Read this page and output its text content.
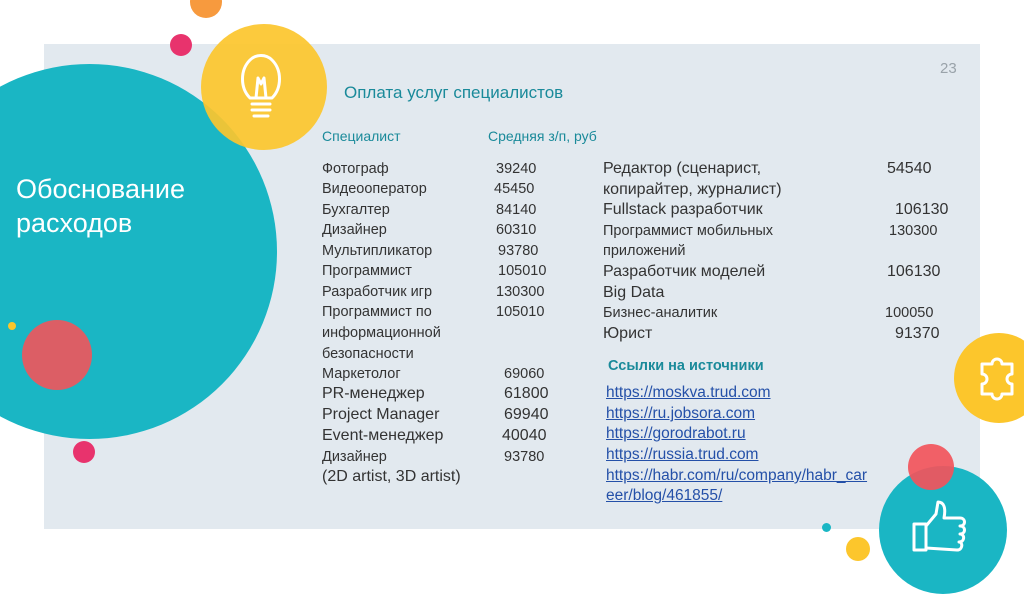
23
Обоснование
расходов
Оплата услуг специалистов
Специалист	Средняя з/п, руб
Фотограф	39240
Видеооператор	45450
Бухгалтер	84140
Дизайнер	60310
Мультипликатор	93780
Программист	105010
Разработчик игр	130300
Программист по	105010
информационной
безопасности
Маркетолог	69060
PR-менеджер	61800
Project Manager	69940
Event-менеджер	40040
Дизайнер	93780
(2D artist, 3D artist)
Редактор (сценарист,	54540
копирайтер, журналист)
Fullstack разработчик	106130
Программист мобильных	130300
приложений
Разработчик моделей	106130
Big Data
Бизнес-аналитик	100050
Юрист	91370
Ссылки на источники
https://moskva.trud.com
https://ru.jobsora.com
https://gorodrabot.ru
https://russia.trud.com
https://habr.com/ru/company/habr_car
eer/blog/461855/
